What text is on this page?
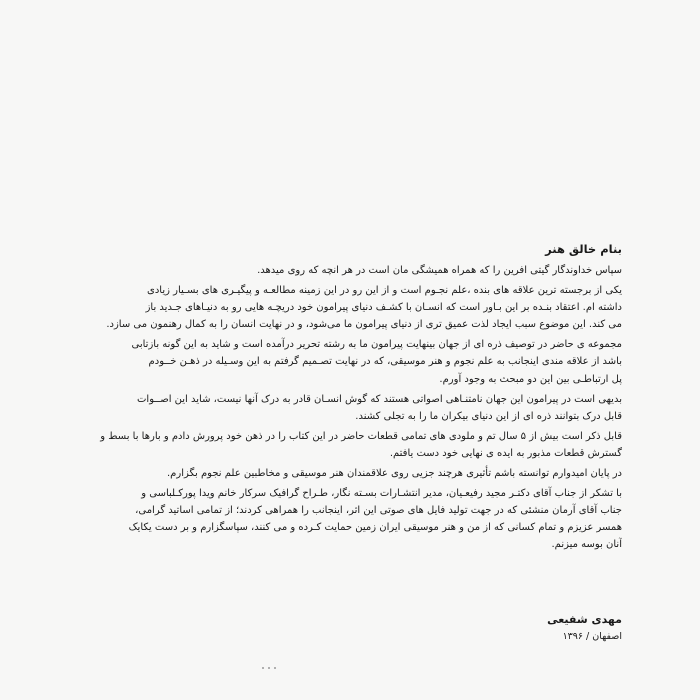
بنام خالق هنر
سپاس خداوندگار گیتی افرین را که همراه همیشگی مان است در هر انچه که روی میدهد.
یکی از برجسته ترین علاقه های بنده ،علم نجـوم است و از این رو در این زمینه مطالعـه و پیگیـری های بسـیار زیادی
داشته ام. اعتقاد بنـده بر این بـاور است که انسـان با کشـف دنیای پیرامون خود دریچـه هایی رو به دنیـاهای جـدید باز
می کند. این موضوع سبب ایجاد لذت عمیق تری از دنیای پیرامون ما می‌شود، و در نهایت انسان را به کمال رهنمون می سازد.
مجموعه ی حاضر در توصیف ذره ای از جهان بینهایت پیرامون ما به رشته تحریر درآمده است و شاید به این گونه بازتابی
باشد از علاقه مندی اینجانب به علم نجوم و هنر موسیقی، که در نهایت تصـمیم گرفتم به این وسـیله در ذهـن خــودم
پل ارتباطـی بین این دو مبحث به وجود آورم.
بدیهی است در پیرامون این جهان نامتنـاهی اصواتی هستند که گوش انسـان قادر به درک آنها نیست، شاید این اصــوات
قابل درک بتوانند ذره ای از این دنیای بیکران ما را به تجلی کشند.
قابل ذکر است بیش از ۵ سال تم و ملودی های تمامی قطعات حاضر در این کتاب را در ذهن خود پرورش دادم و بارها با بسط و
گسترش قطعات مذبور به ایده ی نهایی خود دست یافتم.
در پایان امیدوارم توانسته باشم تأثیری هرچند جزیی روی علاقمندان هنر موسیقی و مخاطبین علم نجوم بگزارم.
با تشکر از جناب آقای دکتـر مجید رفیعـیان، مدیر انتشـارات بسـته نگار، طـراح گرافیک سرکار خانم ویدا پورکـلباسی و
جناب آقای آرمان منشئی که در جهت تولید فایل های صوتی این اثر، اینجانب را همراهی کردند؛ از تمامی اساتید گرامی،
همسر عزیزم و تمام کسانی که از من و هنر موسیقی ایران زمین حمایت کـرده و می کنند، سپاسگزارم و بر دست یکایک
آنان بوسه میزنم.
مهدی شفیعی
اصفهان / ۱۳۹۶
